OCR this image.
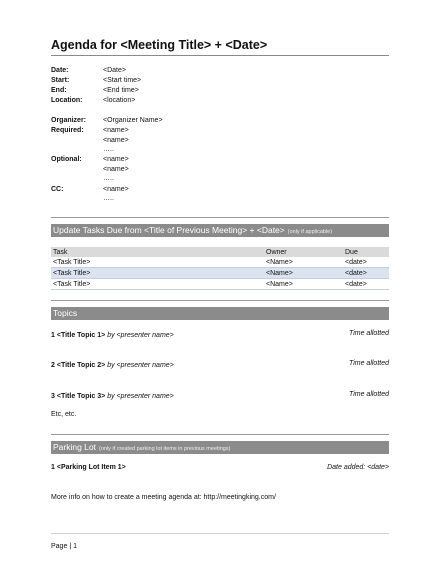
Agenda for <Meeting Title> + <Date>
Date:	<Date>
Start:	<Start time>
End:	<End time>
Location:	<location>
Organizer: <Organizer Name>
Required:	<name>
<name>
…..
Optional:	<name>
<name>
…..
CC:	<name>
…..
Update Tasks Due from <Title of Previous Meeting> + <Date> (only if applicable)
Task	Owner	Due
<Task Title>	<Name>	<date>
<Task Title>	<Name>	<date>
<Task Title>	<Name>	<date>
Topics
1 <Title Topic 1> by <presenter name>	Time allotted
2 <Title Topic 2> by <presenter name>	Time allotted
3 <Title Topic 3> by <presenter name>	Time allotted
Etc, etc.
Parking Lot (only if created parking lot items in previous meetings)
1 <Parking Lot Item 1>	Date added: <date>
More info on how to create a meeting agenda at: http://meetingking.com/
Page | 1
